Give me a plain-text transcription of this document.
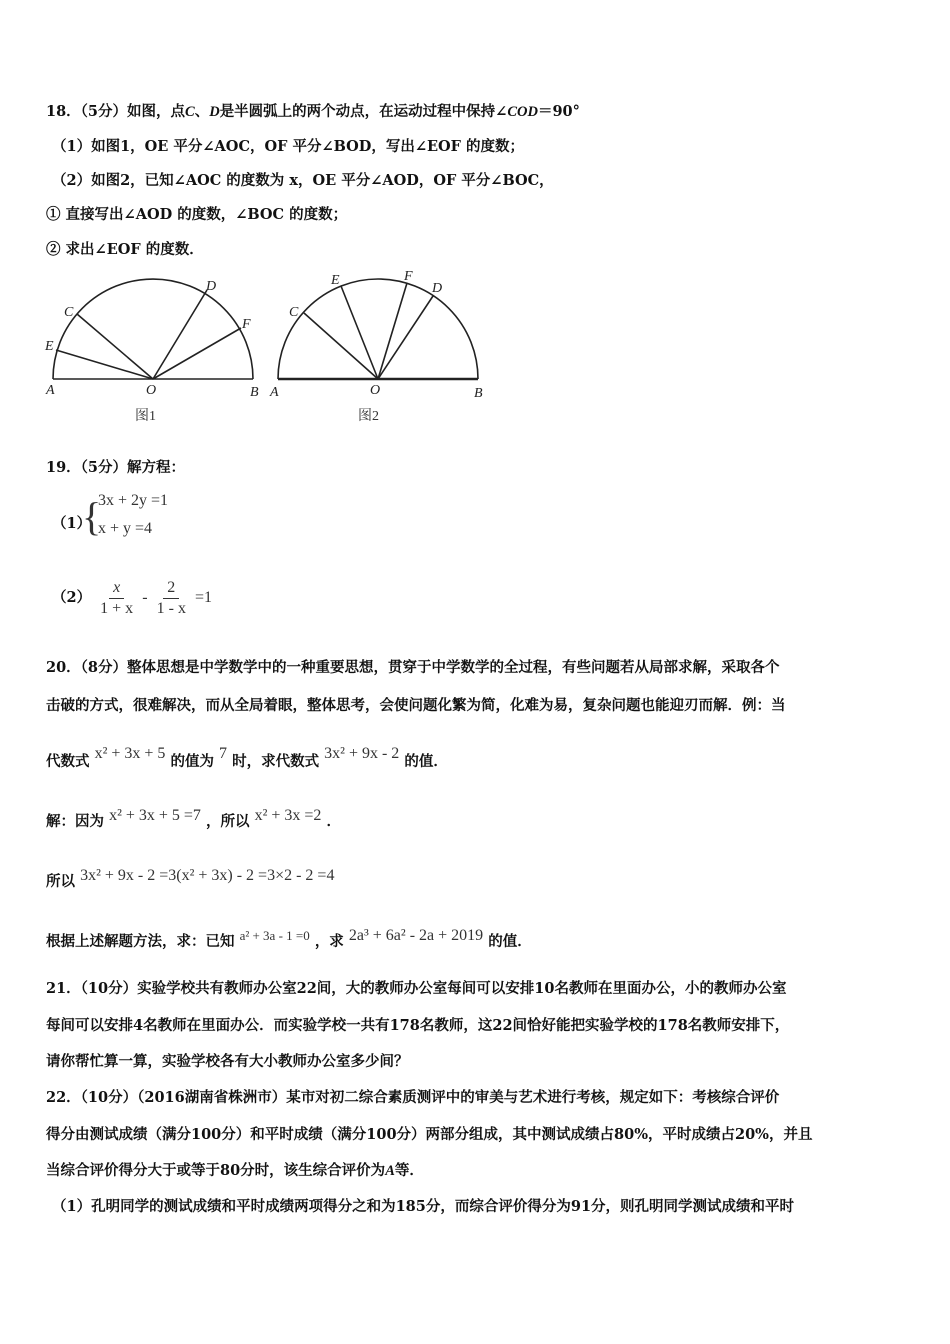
18．（5分）如图，点C、D是半圆弧上的两个动点，在运动过程中保持∠COD＝90°
（1）如图1，OE 平分∠AOC，OF 平分∠BOD，写出∠EOF 的度数；
（2）如图2，已知∠AOC 的度数为 x，OE 平分∠AOD，OF 平分∠BOC，
① 直接写出∠AOD 的度数，∠BOC 的度数；
② 求出∠EOF 的度数．
A	O	B
C
E
D
F
图1
A	O	B
C
E	F
D
图2
19．（5分）解方程：
（1）
{
3x + 2y =1
x + y =4
$(2) \frac{x}{1 + x} - \frac{2}{1 - x} =1$
20．（8分）整体思想是中学数学中的一种重要思想，贯穿于中学数学的全过程，有些问题若从局部求解，采取各个
击破的方式，很难解决，而从全局着眼，整体思考，会使问题化繁为简，化难为易，复杂问题也能迎刃而解．例：当
代数式 x² + 3x + 5 的值为 7 时，求代数式 3x² + 9x - 2 的值．
解：因为 x² + 3x + 5 =7 ，所以 x² + 3x =2 ．
所以 3x² + 9x - 2 =3(x² + 3x) - 2 =3×2 - 2 =4
根据上述解题方法，求：已知 a² + 3a - 1 =0 ，求 2a³ + 6a² - 2a + 2019 的值．
21．（10分）实验学校共有教师办公室22间，大的教师办公室每间可以安排10名教师在里面办公，小的教师办公室
每间可以安排4名教师在里面办公．而实验学校一共有178名教师，这22间恰好能把实验学校的178名教师安排下，
请你帮忙算一算，实验学校各有大小教师办公室多少间？
22．（10分）（2016湖南省株洲市）某市对初二综合素质测评中的审美与艺术进行考核，规定如下：考核综合评价
得分由测试成绩（满分100分）和平时成绩（满分100分）两部分组成，其中测试成绩占80%，平时成绩占20%，并且
当综合评价得分大于或等于80分时，该生综合评价为A等．
（1）孔明同学的测试成绩和平时成绩两项得分之和为185分，而综合评价得分为91分，则孔明同学测试成绩和平时
